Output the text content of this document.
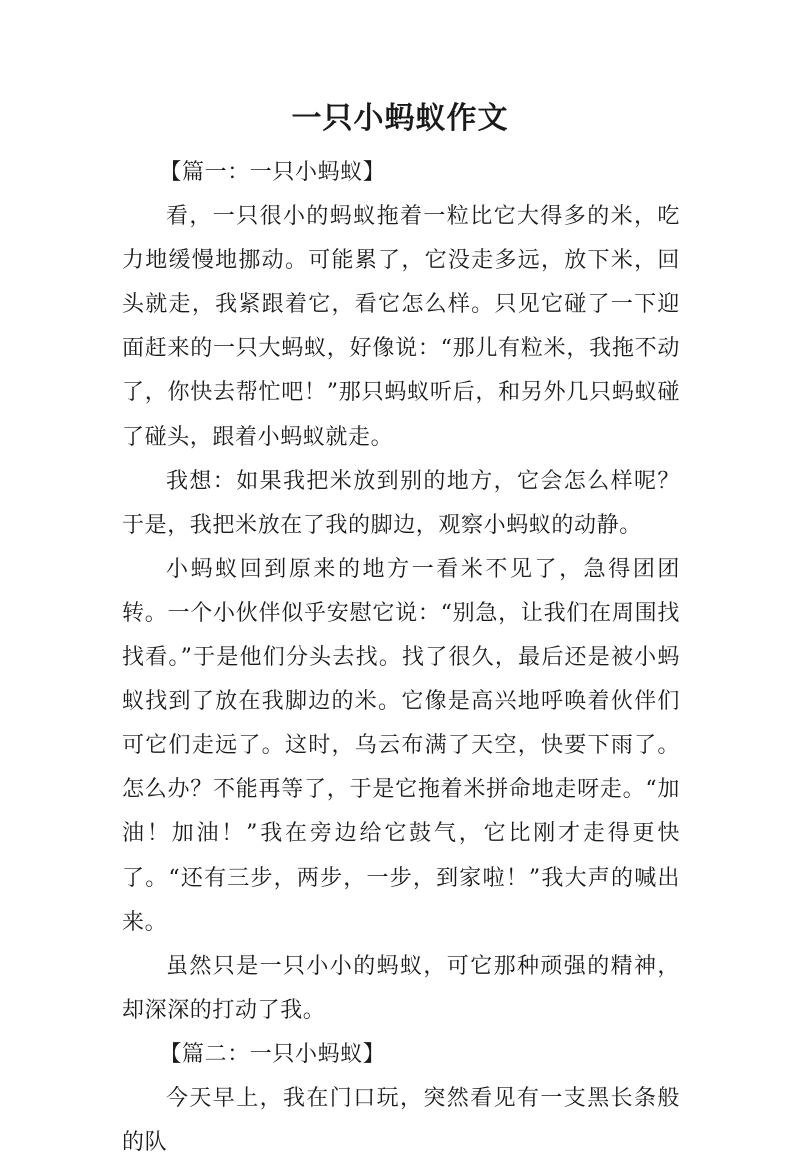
一只小蚂蚁作文

【篇一：一只小蚂蚁】

看，一只很小的蚂蚁拖着一粒比它大得多的米，吃力地缓慢地挪动。可能累了，它没走多远，放下米，回头就走，我紧跟着它，看它怎么样。只见它碰了一下迎面赶来的一只大蚂蚁，好像说：“那儿有粒米，我拖不动了，你快去帮忙吧！”那只蚂蚁听后，和另外几只蚂蚁碰了碰头，跟着小蚂蚁就走。

我想：如果我把米放到别的地方，它会怎么样呢？于是，我把米放在了我的脚边，观察小蚂蚁的动静。

小蚂蚁回到原来的地方一看米不见了，急得团团转。一个小伙伴似乎安慰它说：“别急，让我们在周围找找看。”于是他们分头去找。找了很久，最后还是被小蚂蚁找到了放在我脚边的米。它像是高兴地呼唤着伙伴们可它们走远了。这时，乌云布满了天空，快要下雨了。怎么办？不能再等了，于是它拖着米拼命地走呀走。“加油！加油！”我在旁边给它鼓气，它比刚才走得更快了。“还有三步，两步，一步，到家啦！”我大声的喊出来。

虽然只是一只小小的蚂蚁，可它那种顽强的精神，却深深的打动了我。

【篇二：一只小蚂蚁】

今天早上，我在门口玩，突然看见有一支黑长条般的队
